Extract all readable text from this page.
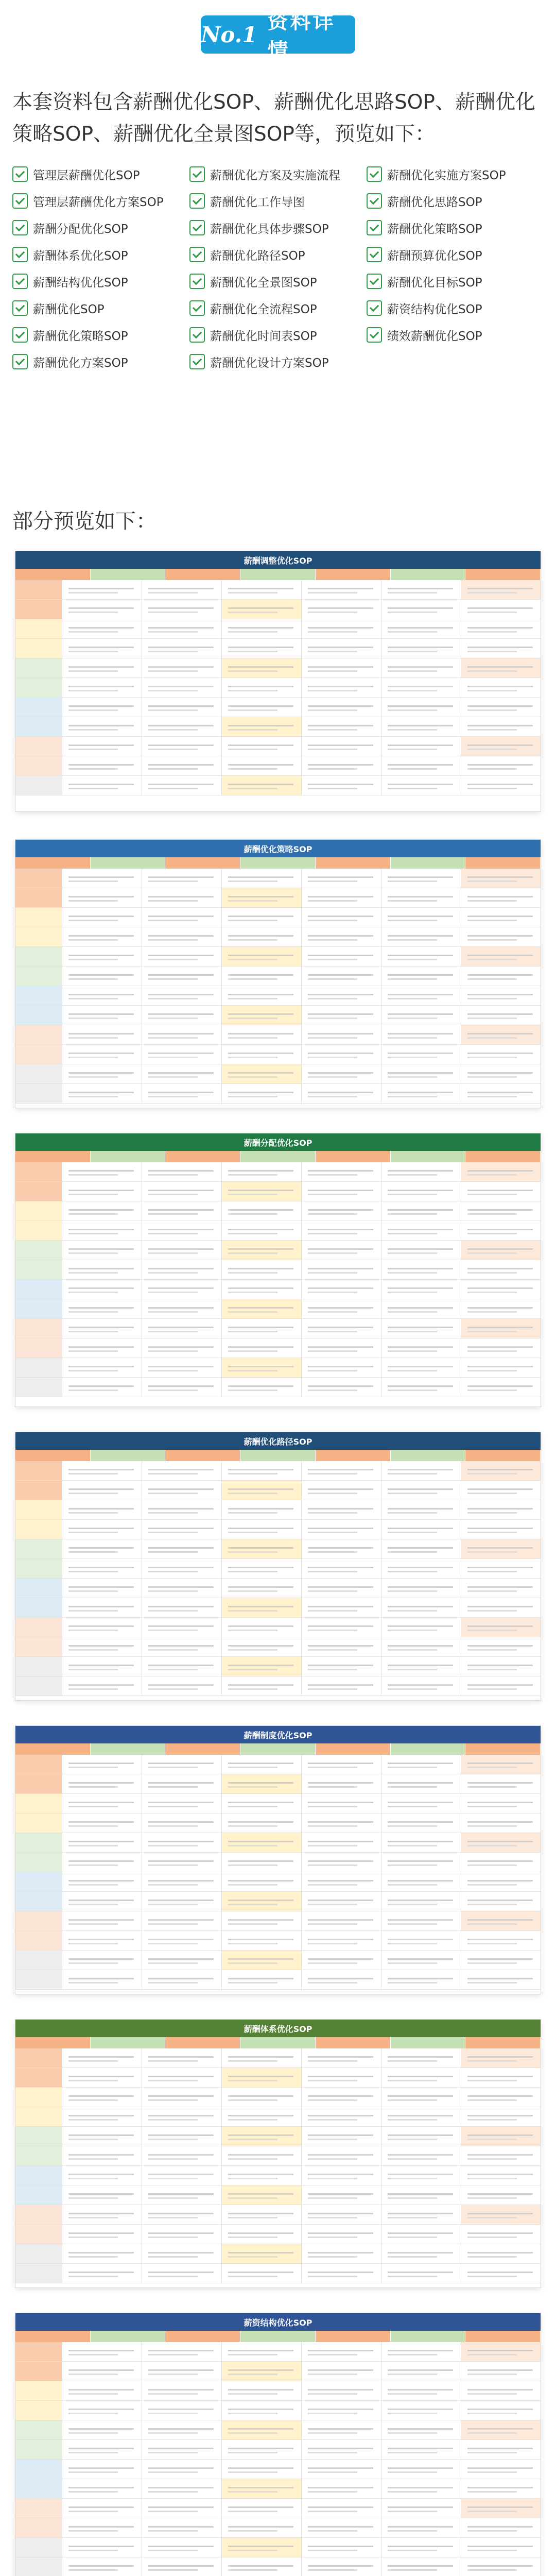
No.1
资料详情
本套资料包含薪酬优化SOP、薪酬优化思路SOP、薪酬优化策略SOP、薪酬优化全景图SOP等，预览如下：
管理层薪酬优化SOP	薪酬优化方案及实施流程	薪酬优化实施方案SOP
管理层薪酬优化方案SOP	薪酬优化工作导图	薪酬优化思路SOP
薪酬分配优化SOP	薪酬优化具体步骤SOP	薪酬优化策略SOP
薪酬体系优化SOP	薪酬优化路径SOP	薪酬预算优化SOP
薪酬结构优化SOP	薪酬优化全景图SOP	薪酬优化目标SOP
薪酬优化SOP	薪酬优化全流程SOP	薪资结构优化SOP
薪酬优化策略SOP	薪酬优化时间表SOP	绩效薪酬优化SOP
薪酬优化方案SOP	薪酬优化设计方案SOP
部分预览如下：
薪酬调整优化SOP
薪酬优化策略SOP
薪酬分配优化SOP
薪酬优化路径SOP
薪酬制度优化SOP
薪酬体系优化SOP
薪资结构优化SOP
